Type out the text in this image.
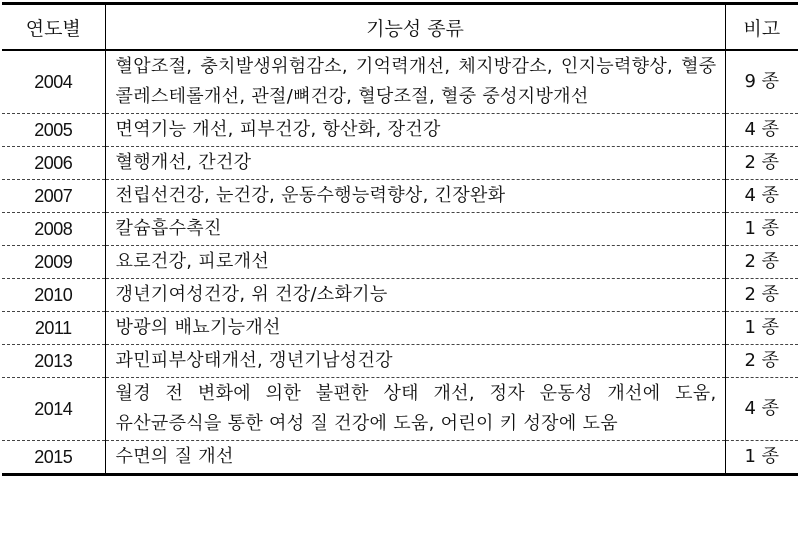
연도별	기능성 종류	비고
2004	혈압조절, 충치발생위험감소, 기억력개선, 체지방감소, 인지능력향상, 혈중 콜레스테롤개선, 관절/뼈건강, 혈당조절, 혈중 중성지방개선	9 종
2005	면역기능 개선, 피부건강, 항산화, 장건강	4 종
2006	혈행개선, 간건강	2 종
2007	전립선건강, 눈건강, 운동수행능력향상, 긴장완화	4 종
2008	칼슘흡수촉진	1 종
2009	요로건강, 피로개선	2 종
2010	갱년기여성건강, 위 건강/소화기능	2 종
2011	방광의 배뇨기능개선	1 종
2013	과민피부상태개선, 갱년기남성건강	2 종
2014	월경 전 변화에 의한 불편한 상태 개선, 정자 운동성 개선에 도움, 유산균증식을 통한 여성 질 건강에 도움, 어린이 키 성장에 도움	4 종
2015	수면의 질 개선	1 종
